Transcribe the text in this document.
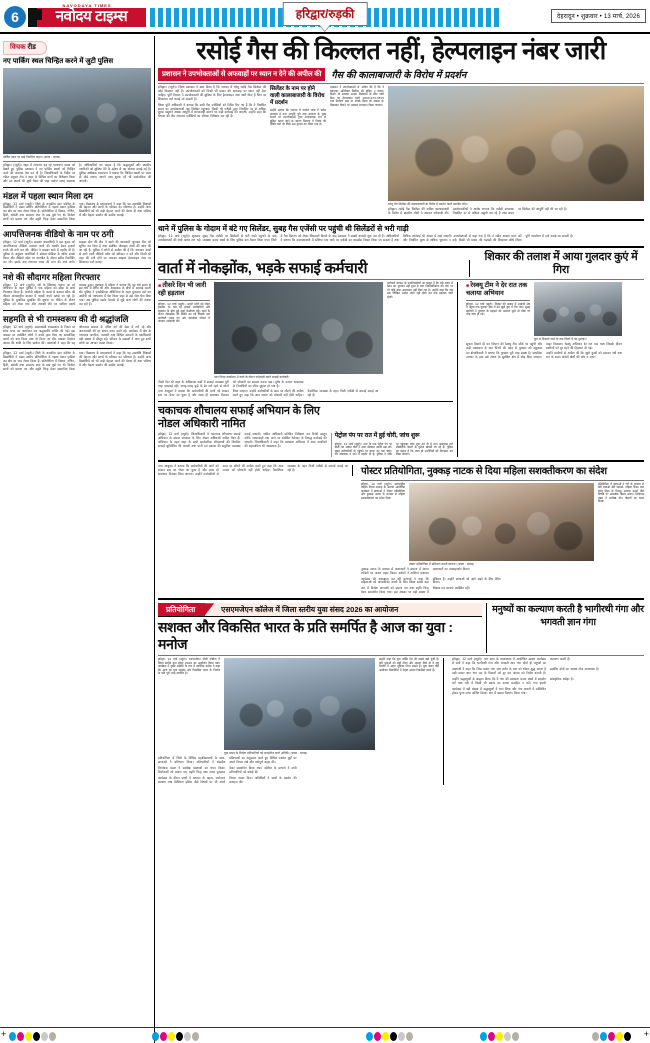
6
NAVODAYA TIMES
नवोदय टाइम्स	हरिद्वार/रुड़की	देहरादून • शुक्रवार • 13 मार्च, 2026
विचक रीड
नए पार्किंग स्थल चिन्हित करने में जुटी पुलिस
पार्किंग स्थल पर खड़े निर्धारित वाहन। (छाया : संवाद)
हरिद्वार। (ब्यूरो)। शहर में लगातार बढ़ रहे यातायात दबाव को देखते हुए पुलिस प्रशासन ने नए पार्किंग स्थलों को चिन्हित करने की कवायद तेज कर दी है। जिलाधिकारी के निर्देश पर गठित संयुक्त टीम ने शहर के विभिन्न मार्गों का निरीक्षण किया और उन स्थानों की सूची तैयार की जहां पर्याप्त जगह उपलब्ध है। अधिकारियों का कहना है कि श्रद्धालुओं और स्थानीय नागरिकों को सुविधा देने के उद्देश्य से यह योजना बनाई गई है। पुलिस अधीक्षक यातायात ने बताया कि चिन्हित स्थलों पर जल्द ही बोर्ड लगाए जाएंगे तथा शुल्क दरें भी सार्वजनिक की जाएंगी।
मंडल में पहला स्थान मिला दम
हरिद्वार, 12 मार्च (ब्यूरो)। जिले के राजकीय इंटर कॉलेज के विद्यार्थियों ने मंडल स्तरीय प्रतियोगिता में पहला स्थान हासिल कर क्षेत्र का नाम रोशन किया है। प्रतियोगिता में विज्ञान, गणित, हिंदी, अंग्रेजी तथा सामान्य ज्ञान के प्रश्न पूछे गए थे। विजेता छात्रों को प्रमाण पत्र और स्मृति चिन्ह देकर सम्मानित किया गया। विद्यालय के प्रधानाचार्य ने कहा कि यह उपलब्धि शिक्षकों की मेहनत और छात्रों के परिश्रम का परिणाम है। उन्होंने अन्य विद्यार्थियों को भी कड़ी मेहनत करने की प्रेरणा दी तथा भविष्य में और बेहतर प्रदर्शन की उम्मीद जताई।
आपत्तिजनक वीडियो के नाम पर ठगी
हरिद्वार, 12 मार्च (ब्यूरो)। साइबर अपराधियों ने एक युवक को आपत्तिजनक वीडियो वायरल करने की धमकी देकर हजारों रुपये की ठगी कर ली। पीड़ित ने साइबर थाने में तहरीर दी है। पुलिस के अनुसार आरोपियों ने सोशल मीडिया के जरिए संपर्क किया और वीडियो कॉल पर बातचीत के दौरान स्क्रीन रिकॉर्डिंग कर ली। इसके बाद लगातार रकम की मांग की जाने लगी। साइबर सेल की टीम ने खाते की जानकारी जुटाकर बैंक को सूचित कर दिया है तथा संबंधित मोबाइल नंबरों की जांच की जा रही है। पुलिस ने लोगों से अपील की है कि अनजान नंबरों से आने वाली वीडियो कॉल को स्वीकार न करें और किसी भी तरह की ठगी होने पर तत्काल साइबर हेल्पलाइन नंबर पर शिकायत दर्ज कराएं।
नशे की सौदागर महिला गिरफ्तार
हरिद्वार, 12 मार्च (ब्यूरो)। नशे के खिलाफ चलाए जा रहे अभियान के तहत पुलिस ने एक महिला को स्मैक के साथ गिरफ्तार किया है। आरोपी महिला के कब्जे से बरामद स्मैक की कीमत अंतरराष्ट्रीय बाजार में लाखों रुपये बताई जा रही है। पुलिस के मुताबिक मुखबिर की सूचना पर चेकिंग के दौरान महिला को रोका गया और तलाशी लेने पर नशीला पदार्थ बरामद हुआ। पूछताछ में महिला ने बताया कि वह लंबे समय से इस धंधे में लिप्त थी और आसपास के क्षेत्रों में सप्लाई करती थी। पुलिस ने एनडीपीएस अधिनियम के तहत मुकदमा दर्ज कर आरोपी को न्यायालय में पेश किया जहां से उसे जेल भेज दिया गया। अब पुलिस उसके नेटवर्क से जुड़े अन्य लोगों की तलाश कर रही है।
सहमति से भी रामस्वरूप की दी श्रद्धांजलि
हरिद्वार, 12 मार्च (ब्यूरो)। समाजसेवी रामस्वरूप के निधन पर शोक सभा का आयोजन कर श्रद्धांजलि अर्पित की गई। इस अवसर पर उपस्थित लोगों ने उनके द्वारा किए गए सामाजिक कार्यों को याद किया तथा दो मिनट का मौन रखकर दिवंगत आत्मा की शांति के लिए प्रार्थना की। वक्ताओं ने कहा कि वह जीवनभर समाज के वंचित वर्ग की सेवा में लगे रहे और जरूरतमंदों की हर संभव मदद करते रहे। कार्यक्रम में क्षेत्र के गणमान्य नागरिक, व्यापारी तथा विभिन्न संगठनों के पदाधिकारी बड़ी संख्या में मौजूद रहे। परिवार के सदस्यों ने आए हुए सभी लोगों का आभार व्यक्त किया।
हरिद्वार, 12 मार्च (ब्यूरो)। जिले के राजकीय इंटर कॉलेज के विद्यार्थियों ने मंडल स्तरीय प्रतियोगिता में पहला स्थान हासिल कर क्षेत्र का नाम रोशन किया है। प्रतियोगिता में विज्ञान, गणित, हिंदी, अंग्रेजी तथा सामान्य ज्ञान के प्रश्न पूछे गए थे। विजेता छात्रों को प्रमाण पत्र और स्मृति चिन्ह देकर सम्मानित किया गया। विद्यालय के प्रधानाचार्य ने कहा कि यह उपलब्धि शिक्षकों की मेहनत और छात्रों के परिश्रम का परिणाम है। उन्होंने अन्य विद्यार्थियों को भी कड़ी मेहनत करने की प्रेरणा दी तथा भविष्य में और बेहतर प्रदर्शन की उम्मीद जताई।
रसोई गैस की किल्लत नहीं, हेल्पलाइन नंबर जारी
प्रशासन ने उपभोक्ताओं से अफवाहों पर ध्यान न देने की अपील की	गैस की कालाबाजारी के विरोध में प्रदर्शन
हरिद्वार। (ब्यूरो)। जिला प्रशासन ने स्पष्ट किया है कि जनपद में घरेलू रसोई गैस सिलेंडर की कोई किल्लत नहीं है। उपभोक्ताओं को किसी भी प्रकार की अफवाह पर ध्यान नहीं देना चाहिए। पूर्ति विभाग ने उपभोक्ताओं की सुविधा के लिए हेल्पलाइन नंबर जारी किए हैं जिन पर शिकायत दर्ज कराई जा सकती है।
जिला पूर्ति अधिकारी ने बताया कि सभी गैस एजेंसियों को निर्देश दिए गए हैं कि वे निर्धारित समय पर उपभोक्ताओं तक सिलेंडर पहुंचाएं। किसी भी एजेंसी द्वारा निर्धारित दर से अधिक शुल्क वसूलने अथवा आपूर्ति में लापरवाही बरतने पर कड़ी कार्रवाई की जाएगी। उन्होंने कहा कि विभाग की टीम लगातार एजेंसियों का औचक निरीक्षण कर रही है।
सिलेंडर के नाम पर होने वाली कालाबाजारी के विरोध में प्रदर्शन
उन्होंने बताया कि जनपद में पर्याप्त मात्रा में स्टॉक उपलब्ध है तथा आपूर्ति पूरी तरह सामान्य है। कुछ स्थानों पर उपभोक्ताओं द्वारा अनावश्यक रूप से बुकिंग कराए जाने के कारण वितरण में विलंब की स्थिति बनी थी जिसे अब दुरुस्त कर लिया गया है।
प्रशासन ने उपभोक्ताओं से अपील की है कि वे घबराकर अतिरिक्त सिलेंडर की बुकिंग न कराएं। किसी भी समस्या अथवा शिकायत के लिए जारी किए गए हेल्पलाइन नंबरों 1800-233-3555 तथा नियंत्रण कक्ष पर संपर्क किया जा सकता है। शिकायत मिलने पर तत्काल समाधान किया जाएगा।
घरेलू गैस सिलेंडर की कालाबाजारी के विरोध में प्रदर्शन करते स्थानीय लोग।
हरिद्वार। रसोई गैस सिलेंडर की कथित कालाबाजारी के विरोध में स्थानीय लोगों ने जमकर नारेबाजी की। प्रदर्शनकारियों ने आरोप लगाया कि एजेंसी संचालक निर्धारित दर से अधिक वसूली कर रहे हैं तथा समय पर सिलेंडर की आपूर्ति नहीं की जा रही है।
थाने में पुलिस के गोदाम में बंटे गए सिलेंडर, सुबह गैस एजेंसी पर पहुंची थी सिलेंडरों से भरी गाड़ी
हरिद्वार, 12 मार्च (ब्यूरो)। शुक्रवार सुबह गैस एजेंसी पर सिलेंडरों से भरी गाड़ी पहुंचने के बाद उपभोक्ताओं की लंबी कतार लग गई। व्यवस्था बनाए रखने के लिए पुलिस बल तैनात किया गया। जिले में गैस वितरण को लेकर शिकायतें मिलने के बाद प्रशासन ने सख्ती बरतनी शुरू कर दी है। अधिकारियों ने बताया कि कालाबाजारी में संलिप्त पाए जाने पर एजेंसी का लाइसेंस निरस्त किया जा सकता है तथा विधिक कार्रवाई भी अमल में लाई जाएगी। उपभोक्ताओं से कहा गया है कि वे रसीद अवश्य प्राप्त करें और निर्धारित मूल्य से अधिक भुगतान न करें। किसी भी प्रकार की गड़बड़ी की शिकायत सीधे जिला पूर्ति कार्यालय में दर्ज कराई जा सकती है।
वार्ता में नोकझोंक, भड़के सफाई कर्मचारी
शिकार की तलाश में आया गुलदार कुएं में गिरा
■ तीसरे दिन भी जारी रही हड़ताल
हरिद्वार, 12 मार्च (ब्यूरो)। अपनी मांगों को लेकर हड़ताल पर चल रहे सफाई कर्मचारियों और प्रशासन के बीच हुई वार्ता बेनतीजा रही। वार्ता के दौरान नोकझोंक की स्थिति बन गई जिसके बाद कर्मचारी भड़क गए और कार्यालय परिसर में जमकर नारेबाजी की।
नगर निगम कार्यालय में वार्ता के दौरान नारेबाजी करते सफाई कर्मचारी।
कर्मचारी संगठन के पदाधिकारियों का कहना है कि लंबे समय से वेतन का भुगतान नहीं हुआ है तथा नियमितीकरण की मांग पर भी कोई ठोस आश्वासन नहीं मिल रहा है। उन्होंने कहा कि जब तक लिखित आदेश जारी नहीं होता तब तक हड़ताल जारी रहेगी।
तीसरे दिन भी शहर के अधिकांश वार्डों में सफाई व्यवस्था पूरी तरह चरमराई रही। जगह-जगह कूड़े के ढेर लगे रहने से लोगों को परेशानी का सामना करना पड़ा। दुर्गंध के कारण आसपास के निवासियों का जीना मुहाल हो गया है।
नगर आयुक्त ने बताया कि कर्मचारियों की मांगों को शासन स्तर पर भेजा जा चुका है और जल्द ही समाधान निकाल लिया जाएगा। उन्होंने कर्मचारियों से काम पर लौटने की अपील करते हुए कहा कि आम जनता को परेशानी नहीं होनी चाहिए। वैकल्पिक व्यवस्था के तहत निजी एजेंसी से सफाई कराई जा रही है।
चकाचक शौचालय सफाई अभियान के लिए नोडल अधिकारी नामित
हरिद्वार, 12 मार्च (ब्यूरो)। जिलाधिकारी ने चकाचक शौचालय सफाई अभियान के सफल संचालन के लिए नोडल अधिकारी नामित किए हैं। अभियान के तहत शहर के सभी सार्वजनिक शौचालयों की नियमित सफाई सुनिश्चित की जाएगी तथा पानी एवं प्रकाश की समुचित व्यवस्था कराई जाएगी। नामित अधिकारी प्रतिदिन निरीक्षण कर रिपोर्ट प्रस्तुत करेंगे। लापरवाही पाए जाने पर संबंधित ठेकेदार के विरुद्ध कार्रवाई की जाएगी। जिलाधिकारी ने कहा कि स्वच्छता अभियान में आम नागरिकों की सहभागिता भी आवश्यक है।
पेट्रोल पंप पर रात में हुई चोरी, जांच शुरू
हरिद्वार, 12 मार्च (ब्यूरो)। नगर के एक पेट्रोल पंप पर बीती रात अज्ञात चोरों ने धावा बोलकर नकदी उड़ा ली। सुबह कर्मचारियों के पहुंचने पर घटना का पता चला। पंप संचालक ने थाने में तहरीर दी है। पुलिस ने मौके पर पहुंचकर जांच शुरू कर दी है तथा आसपास लगे सीसीटीवी कैमरों के फुटेज खंगाले जा रहे हैं। पुलिस का कहना है कि जल्द ही आरोपियों को गिरफ्तार कर लिया जाएगा।
■ रेस्क्यू टीम ने देर रात तक चलाया अभियान
हरिद्वार, 12 मार्च (ब्यूरो)। शिकार की तलाश में आबादी क्षेत्र में पहुंचा एक गुलदार खेत में बने खुले कुएं में गिर गया। सुबह ग्रामीणों ने गुलदार के दहाड़ने की आवाज सुनी तो मौके पर भीड़ जमा हो गई।
कुएं से निकाले जाने के बाद पिंजरे में बंद गुलदार।
सूचना मिलते ही वन विभाग की रेस्क्यू टीम मौके पर पहुंची और कड़ी मशक्कत के बाद पिंजरे की मदद से गुलदार को सकुशल बाहर निकाला। रेस्क्यू अभियान देर रात तक चला जिसके दौरान ग्रामीणों को दूर रहने की हिदायत दी गई।
वन क्षेत्राधिकारी ने बताया कि गुलदार पूरी तरह स्वस्थ है। प्राथमिक उपचार के बाद उसे जंगल के सुरक्षित क्षेत्र में छोड़ दिया जाएगा। उन्होंने ग्रामीणों से अपील की कि खुले कुओं को ढककर रखें तथा रात के समय अकेले खेतों की ओर न जाएं।
नगर आयुक्त ने बताया कि कर्मचारियों की मांगों को शासन स्तर पर भेजा जा चुका है और जल्द ही समाधान निकाल लिया जाएगा। उन्होंने कर्मचारियों से काम पर लौटने की अपील करते हुए कहा कि आम जनता को परेशानी नहीं होनी चाहिए। वैकल्पिक व्यवस्था के तहत निजी एजेंसी से सफाई कराई जा रही है।	पोस्टर प्रतियोगिता, नुक्कड़ नाटक से दिया महिला सशक्तीकरण का संदेश
हरिद्वार, 12 मार्च (ब्यूरो)। अंतरराष्ट्रीय महिला दिवस सप्ताह के अंतर्गत आयोजित कार्यक्रम में छात्राओं ने पोस्टर प्रतियोगिता और नुक्कड़ नाटक के माध्यम से महिला सशक्तीकरण का संदेश दिया।
पोस्टर प्रतियोगिता में प्रतिभाग करतीं छात्राएं। (छाया : संवाद)
प्रतियोगिता में छात्राओं ने रंगों के माध्यम से बेटी बचाओ बेटी पढ़ाओ, महिला शिक्षा तथा घरेलू हिंसा के विरुद्ध आवाज उठाने जैसे विषयों पर आकर्षक पोस्टर बनाए। निर्णायक मंडल ने सर्वश्रेष्ठ तीन पोस्टरों का चयन किया।
नुक्कड़ नाटक के माध्यम से कलाकारों ने समाज में व्याप्त रूढ़ियों पर करारा प्रहार किया। दर्शकों ने तालियां बजाकर कलाकारों का उत्साहवर्धन किया।
कार्यक्रम की अध्यक्षता कर रहीं प्राचार्या ने कहा कि महिलाओं को आत्मनिर्भर बनाने के लिए शिक्षा सबसे बड़ा हथियार है। उन्होंने छात्राओं को आगे बढ़ने के लिए प्रेरित किया।
अंत में विजेता छात्राओं को प्रमाण पत्र तथा स्मृति चिन्ह देकर सम्मानित किया गया। इस अवसर पर बड़ी संख्या में शिक्षक एवं छात्राएं उपस्थित रहीं।
प्रतियोगिता	एसएमजेएन कॉलेज में जिला स्तरीय युवा संसद 2026 का आयोजन
सशक्त और विकसित भारत के प्रति समर्पित है आज का युवा : मनोज
मनुष्यों का कल्याण करती है भागीरथी गंगा और भगवती ज्ञान गंगा
हरिद्वार, 12 मार्च (ब्यूरो)। एसएमजेएन पीजी कॉलेज में जिला स्तरीय युवा संसद 2026 का आयोजन किया गया। कार्यक्रम में मुख्य अतिथि के रूप में उपस्थित मनोज ने कहा कि आज का युवा सशक्त और विकसित भारत के निर्माण के प्रति पूरी तरह समर्पित है।
युवा संसद के विजेता प्रतिभागियों को सम्मानित करते अतिथि। (छाया : संवाद)
उन्होंने कहा कि युवा शक्ति देश की सबसे बड़ी पूंजी है। यदि युवाओं को सही दिशा और अवसर मिले तो वे राष्ट्र निर्माण में अहम भूमिका निभा सकते हैं। युवा संसद जैसे आयोजन विद्यार्थियों में नेतृत्व क्षमता विकसित करते हैं।
प्रतियोगिता में जिले के विभिन्न महाविद्यालयों के छात्र-छात्राओं ने प्रतिभाग किया। प्रतिभागियों ने संसदीय प्रक्रियाओं का अनुसरण करते हुए विभिन्न ज्वलंत मुद्दों पर अपने विचार रखे और तर्कपूर्ण बहस की।
निर्णायक मंडल ने सर्वश्रेष्ठ वक्ताओं का चयन किया। विजेताओं को प्रमाण पत्र, स्मृति चिन्ह तथा नकद पुरस्कार देकर सम्मानित किया गया। कॉलेज के प्राचार्य ने सभी प्रतिभागियों को बधाई दी।
कार्यक्रम के दौरान छात्रों ने मतदान के महत्व, पर्यावरण संरक्षण तथा डिजिटल इंडिया जैसे विषयों पर भी अपने विचार व्यक्त किए। अतिथियों ने छात्रों के प्रदर्शन की सराहना की।
हरिद्वार, 12 मार्च (ब्यूरो)। गंगा सभा के तत्वावधान में आयोजित सत्संग कार्यक्रम में संतों ने कहा कि भागीरथी गंगा और भगवती ज्ञान गंगा दोनों ही मनुष्यों का कल्याण करती हैं।
वक्ताओं ने कहा कि जिस प्रकार गंगा जल शरीर के मल को धोकर शुद्ध करता है उसी प्रकार ज्ञान गंगा मन के विकारों को दूर कर आत्मा को निर्मल बनाती है। इसलिए दोनों का आश्रय लेना आवश्यक है।
उन्होंने श्रद्धालुओं से आह्वान किया कि वे गंगा की स्वच्छता बनाए रखने में सहयोग करें तथा नदी में किसी भी प्रकार का कचरा प्रवाहित न करें। गंगा हमारी सांस्कृतिक धरोहर है।
कार्यक्रम में बड़ी संख्या में श्रद्धालुओं ने भाग लिया और गंगा आरती में सम्मिलित होकर पुण्य लाभ अर्जित किया। अंत में प्रसाद वितरण किया गया।
+	+
